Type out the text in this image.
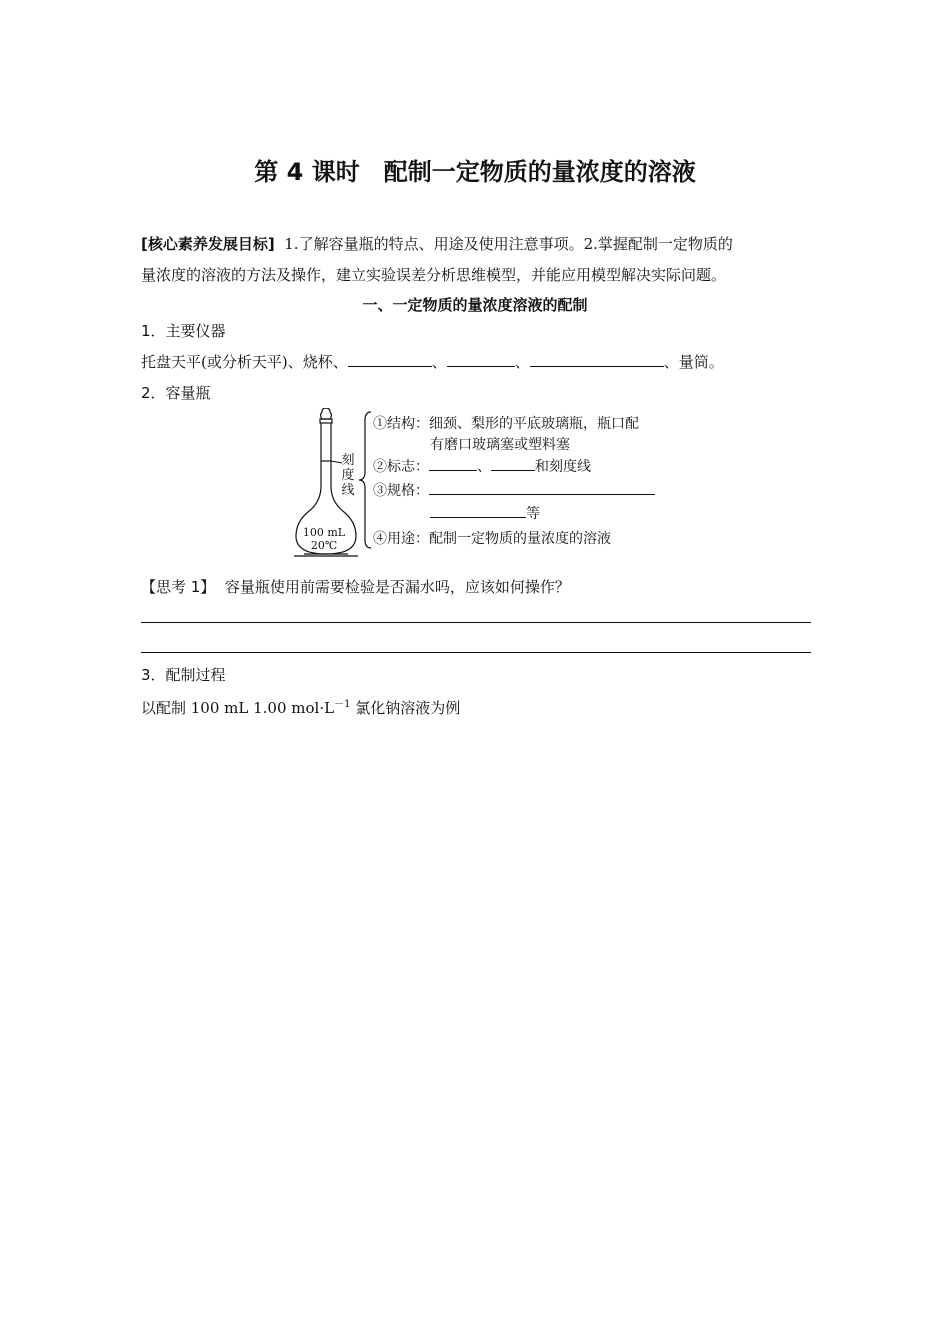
第 4 课时　配制一定物质的量浓度的溶液
[核心素养发展目标] 1.了解容量瓶的特点、用途及使用注意事项。2.掌握配制一定物质的
量浓度的溶液的方法及操作，建立实验误差分析思维模型，并能应用模型解决实际问题。
一、一定物质的量浓度溶液的配制
1．主要仪器
托盘天平(或分析天平)、烧杯、	、	、	、量筒。
2．容量瓶
刻
度
线
100 mL
20℃
①结构：细颈、梨形的平底玻璃瓶，瓶口配
有磨口玻璃塞或塑料塞
②标志：	、	和刻度线
③规格：
等
④用途：配制一定物质的量浓度的溶液
【思考 1】 容量瓶使用前需要检验是否漏水吗，应该如何操作？
3．配制过程
以配制 100 mL 1.00 $mol\cdot L^{-1}$ 氯化钠溶液为例
